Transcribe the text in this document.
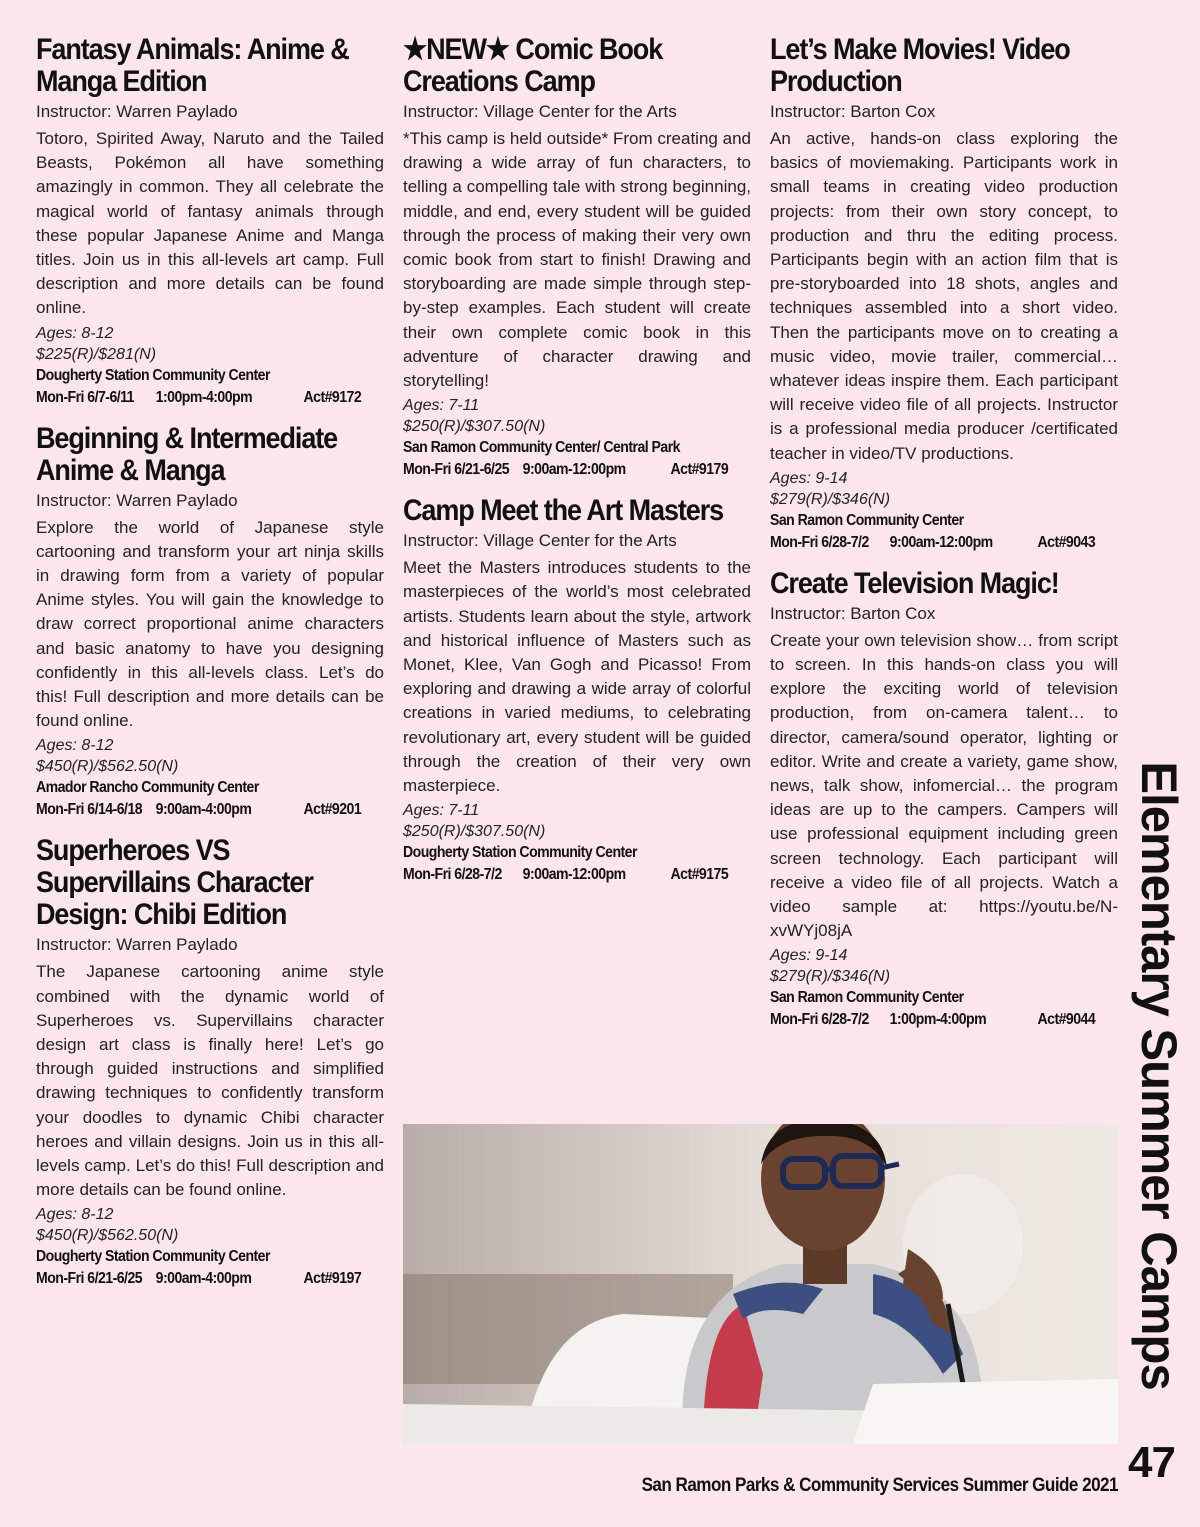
Fantasy Animals: Anime & Manga Edition
Instructor: Warren Paylado
Totoro, Spirited Away, Naruto and the Tailed Beasts, Pokémon all have something amazingly in common. They all celebrate the magical world of fantasy animals through these popular Japanese Anime and Manga titles. Join us in this all-levels art camp. Full description and more details can be found online.
Ages: 8-12
$225(R)/$281(N)
Dougherty Station Community Center
Mon-Fri 6/7-6/11	1:00pm-4:00pm	Act#9172
Beginning & Intermediate Anime & Manga
Instructor: Warren Paylado
Explore the world of Japanese style cartooning and transform your art ninja skills in drawing form from a variety of popular Anime styles. You will gain the knowledge to draw correct proportional anime characters and basic anatomy to have you designing confidently in this all-levels class. Let’s do this! Full description and more details can be found online.
Ages: 8-12
$450(R)/$562.50(N)
Amador Rancho Community Center
Mon-Fri 6/14-6/18 9:00am-4:00pm	Act#9201
Superheroes VS Supervillains Character Design: Chibi Edition
Instructor: Warren Paylado
The Japanese cartooning anime style combined with the dynamic world of Superheroes vs. Supervillains character design art class is finally here! Let’s go through guided instructions and simplified drawing techniques to confidently transform your doodles to dynamic Chibi character heroes and villain designs. Join us in this all-levels camp. Let’s do this! Full description and more details can be found online.
Ages: 8-12
$450(R)/$562.50(N)
Dougherty Station Community Center
Mon-Fri 6/21-6/25 9:00am-4:00pm	Act#9197
★NEW★ Comic Book Creations Camp
Instructor: Village Center for the Arts
*This camp is held outside* From creating and drawing a wide array of fun characters, to telling a compelling tale with strong beginning, middle, and end, every student will be guided through the process of making their very own comic book from start to finish! Drawing and storyboarding are made simple through step-by-step examples. Each student will create their own complete comic book in this adventure of character drawing and storytelling!
Ages: 7-11
$250(R)/$307.50(N)
San Ramon Community Center/ Central Park
Mon-Fri 6/21-6/25 9:00am-12:00pm	Act#9179
Camp Meet the Art Masters
Instructor: Village Center for the Arts
Meet the Masters introduces students to the masterpieces of the world’s most celebrated artists. Students learn about the style, artwork and historical influence of Masters such as Monet, Klee, Van Gogh and Picasso! From exploring and drawing a wide array of colorful creations in varied mediums, to celebrating revolutionary art, every student will be guided through the creation of their very own masterpiece.
Ages: 7-11
$250(R)/$307.50(N)
Dougherty Station Community Center
Mon-Fri 6/28-7/2	9:00am-12:00pm	Act#9175
Let’s Make Movies! Video Production
Instructor: Barton Cox
An active, hands-on class exploring the basics of moviemaking. Participants work in small teams in creating video production projects: from their own story concept, to production and thru the editing process. Participants begin with an action film that is pre-storyboarded into 18 shots, angles and techniques assembled into a short video. Then the participants move on to creating a music video, movie trailer, commercial… whatever ideas inspire them. Each participant will receive video file of all projects. Instructor is a professional media producer /certificated teacher in video/TV productions.
Ages: 9-14
$279(R)/$346(N)
San Ramon Community Center
Mon-Fri 6/28-7/2	9:00am-12:00pm	Act#9043
Create Television Magic!
Instructor: Barton Cox
Create your own television show… from script to screen. In this hands-on class you will explore the exciting world of television production, from on-camera talent… to director, camera/sound operator, lighting or editor. Write and create a variety, game show, news, talk show, infomercial… the program ideas are up to the campers. Campers will use professional equipment including green screen technology. Each participant will receive a video file of all projects. Watch a video sample at: https://youtu.be/N-xvWYj08jA
Ages: 9-14
$279(R)/$346(N)
San Ramon Community Center
Mon-Fri 6/28-7/2	1:00pm-4:00pm	Act#9044 Elementary Summer Camps
47
San Ramon Parks & Community Services Summer Guide 2021
